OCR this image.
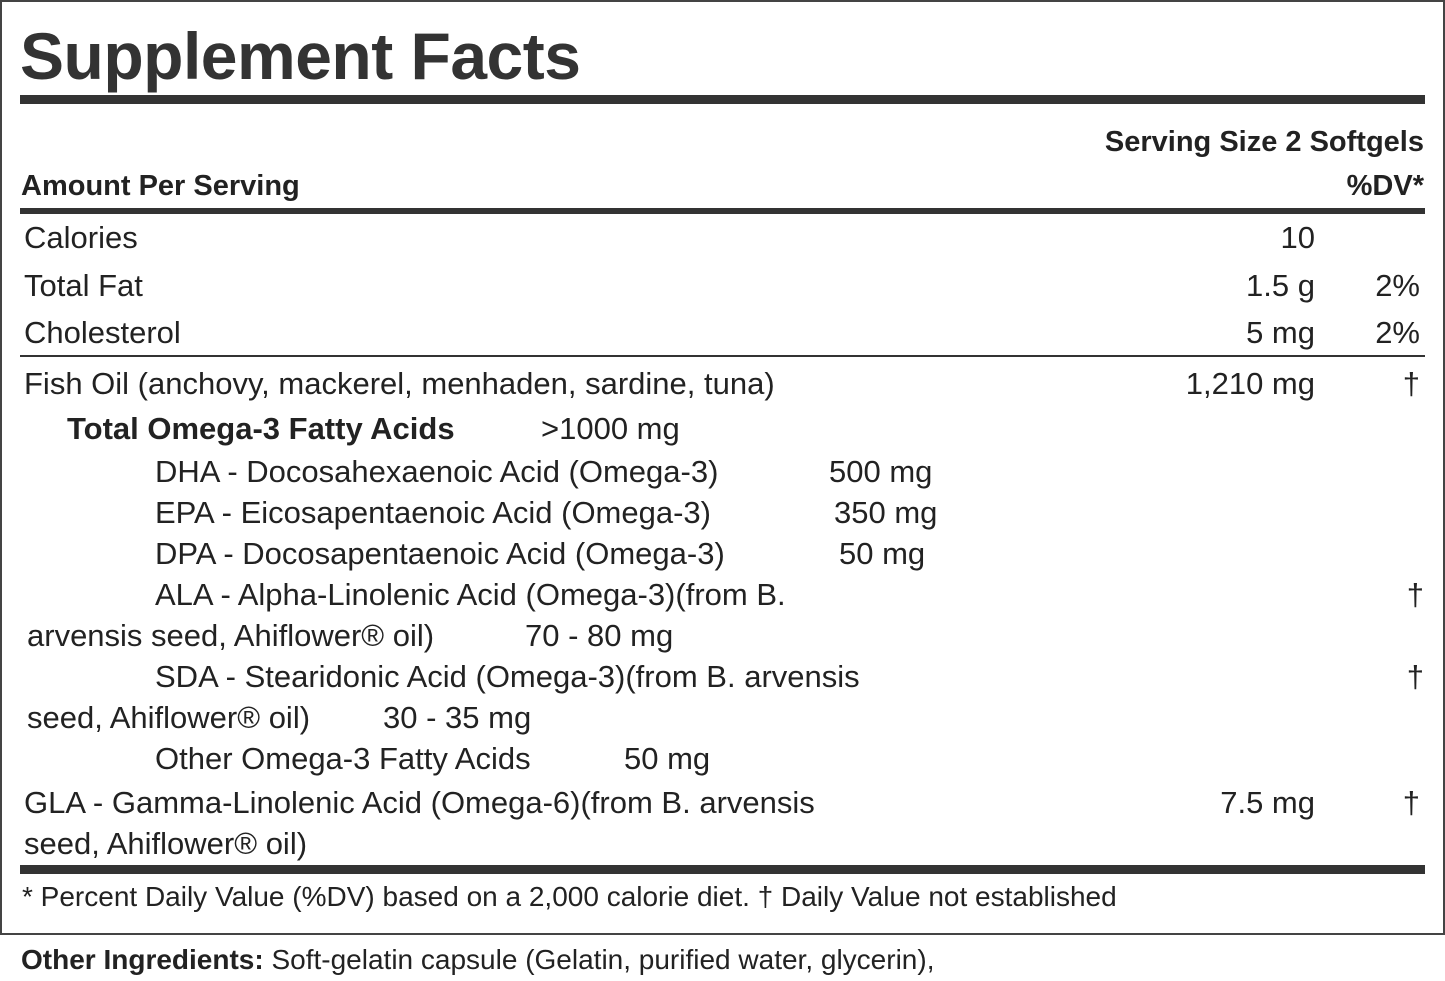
Supplement Facts
Serving Size 2 Softgels
Amount Per Serving	%DV*
Calories	10
Total Fat	1.5 g 2%
Cholesterol	5 mg 2%
Fish Oil (anchovy, mackerel, menhaden, sardine, tuna)	1,210 mg	†
Total Omega-3 Fatty Acids	>1000 mg
DHA - Docosahexaenoic Acid (Omega-3)	500 mg
EPA - Eicosapentaenoic Acid (Omega-3)	350 mg
DPA - Docosapentaenoic Acid (Omega-3)	50 mg
ALA - Alpha-Linolenic Acid (Omega-3)(from B.	†
arvensis seed, Ahiflower® oil)	70 - 80 mg
SDA - Stearidonic Acid (Omega-3)(from B. arvensis	†
seed, Ahiflower® oil) 30 - 35 mg
Other Omega-3 Fatty Acids	50 mg
GLA - Gamma-Linolenic Acid (Omega-6)(from B. arvensis	7.5 mg	†
seed, Ahiflower® oil)
* Percent Daily Value (%DV) based on a 2,000 calorie diet. † Daily Value not established
Other Ingredients: Soft-gelatin capsule (Gelatin, purified water, glycerin),
